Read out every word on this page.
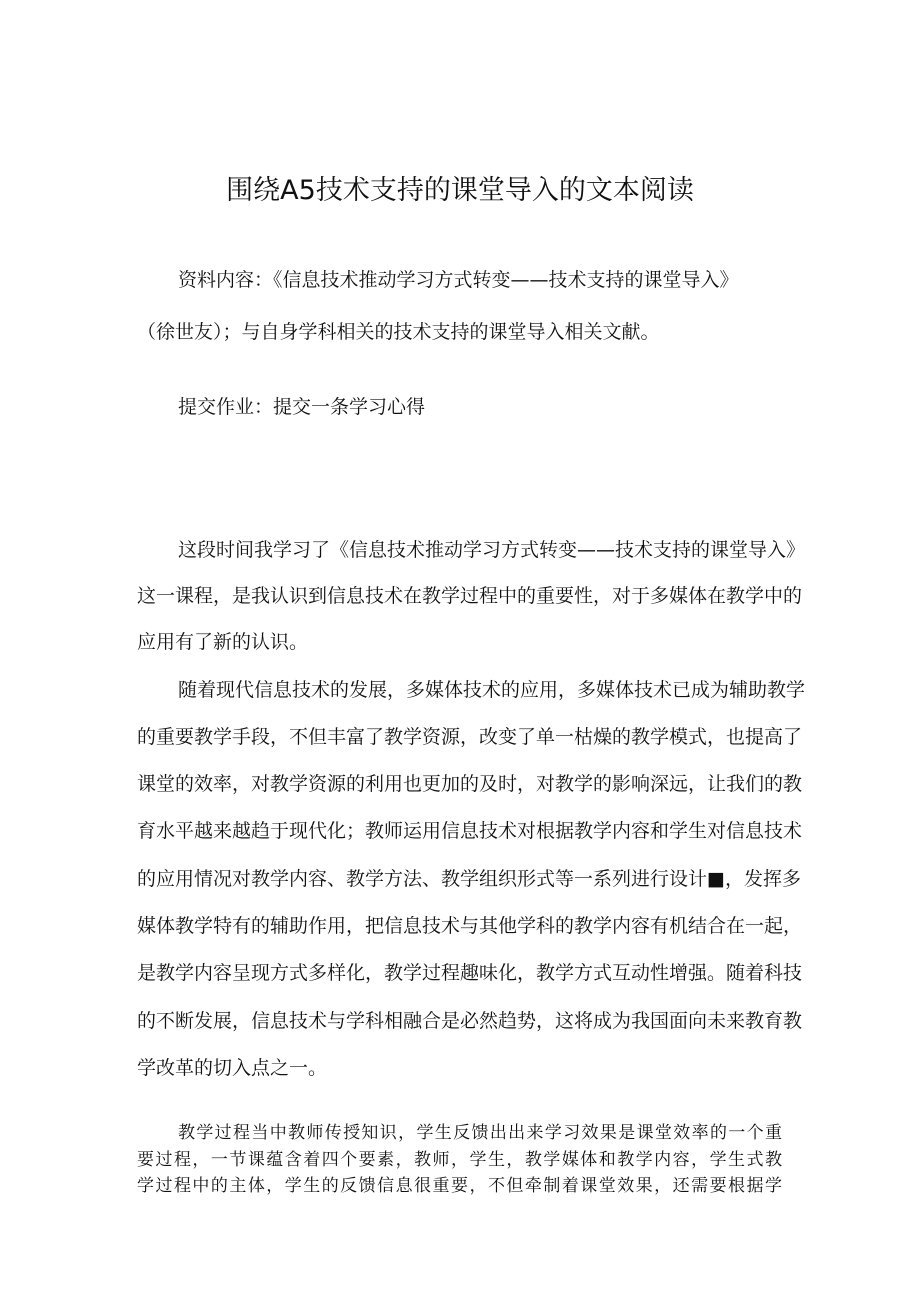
围绕A5技术支持的课堂导入的文本阅读
资料内容：《信息技术推动学习方式转变——技术支持的课堂导入》
（徐世友）；与自身学科相关的技术支持的课堂导入相关文献。
提交作业：提交一条学习心得
这段时间我学习了《信息技术推动学习方式转变——技术支持的课堂导入》
这一课程，是我认识到信息技术在教学过程中的重要性，对于多媒体在教学中的
应用有了新的认识。
随着现代信息技术的发展，多媒体技术的应用，多媒体技术已成为辅助教学
的重要教学手段，不但丰富了教学资源，改变了单一枯燥的教学模式，也提高了
课堂的效率，对教学资源的利用也更加的及时，对教学的影响深远，让我们的教
育水平越来越趋于现代化；教师运用信息技术对根据教学内容和学生对信息技术
的应用情况对教学内容、教学方法、教学组织形式等一系列进行设计■，发挥多
媒体教学特有的辅助作用，把信息技术与其他学科的教学内容有机结合在一起，
是教学内容呈现方式多样化，教学过程趣味化，教学方式互动性增强。随着科技
的不断发展，信息技术与学科相融合是必然趋势，这将成为我国面向未来教育教
学改革的切入点之一。
教学过程当中教师传授知识，学生反馈出出来学习效果是课堂效率的一个重
要过程，一节课蕴含着四个要素，教师，学生，教学媒体和教学内容，学生式教
学过程中的主体，学生的反馈信息很重要，不但牵制着课堂效果，还需要根据学
